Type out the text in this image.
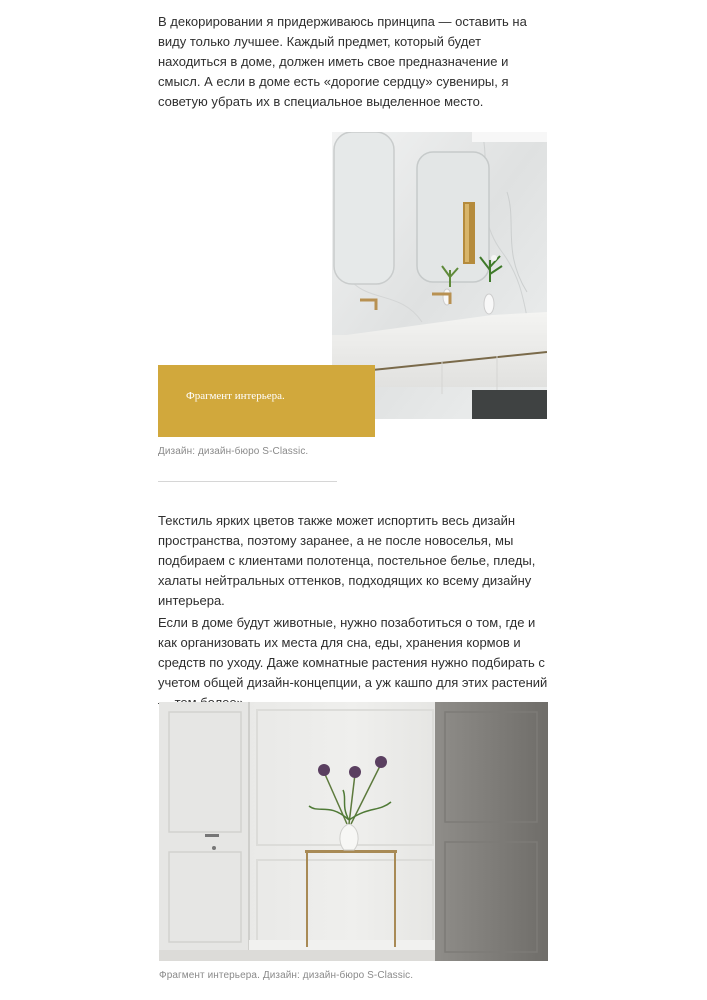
В декорировании я придерживаюсь принципа — оставить на виду только лучшее. Каждый предмет, который будет находиться в доме, должен иметь свое предназначение и смысл. А если в доме есть «дорогие сердцу» сувениры, я советую убрать их в специальное выделенное место.

Фрагмент интерьера.
Дизайн: дизайн-бюро S-Classic.

Текстиль ярких цветов также может испортить весь дизайн пространства, поэтому заранее, а не после новоселья, мы подбираем с клиентами полотенца, постельное белье, пледы, халаты нейтральных оттенков, подходящих ко всему дизайну интерьера.

Если в доме будут животные, нужно позаботиться о том, где и как организовать их места для сна, еды, хранения кормов и средств по уходу. Даже комнатные растения нужно подбирать с учетом общей дизайн-концепции, а уж кашпо для этих растений

Фрагмент интерьера. Дизайн: дизайн-бюро S-Classic.
